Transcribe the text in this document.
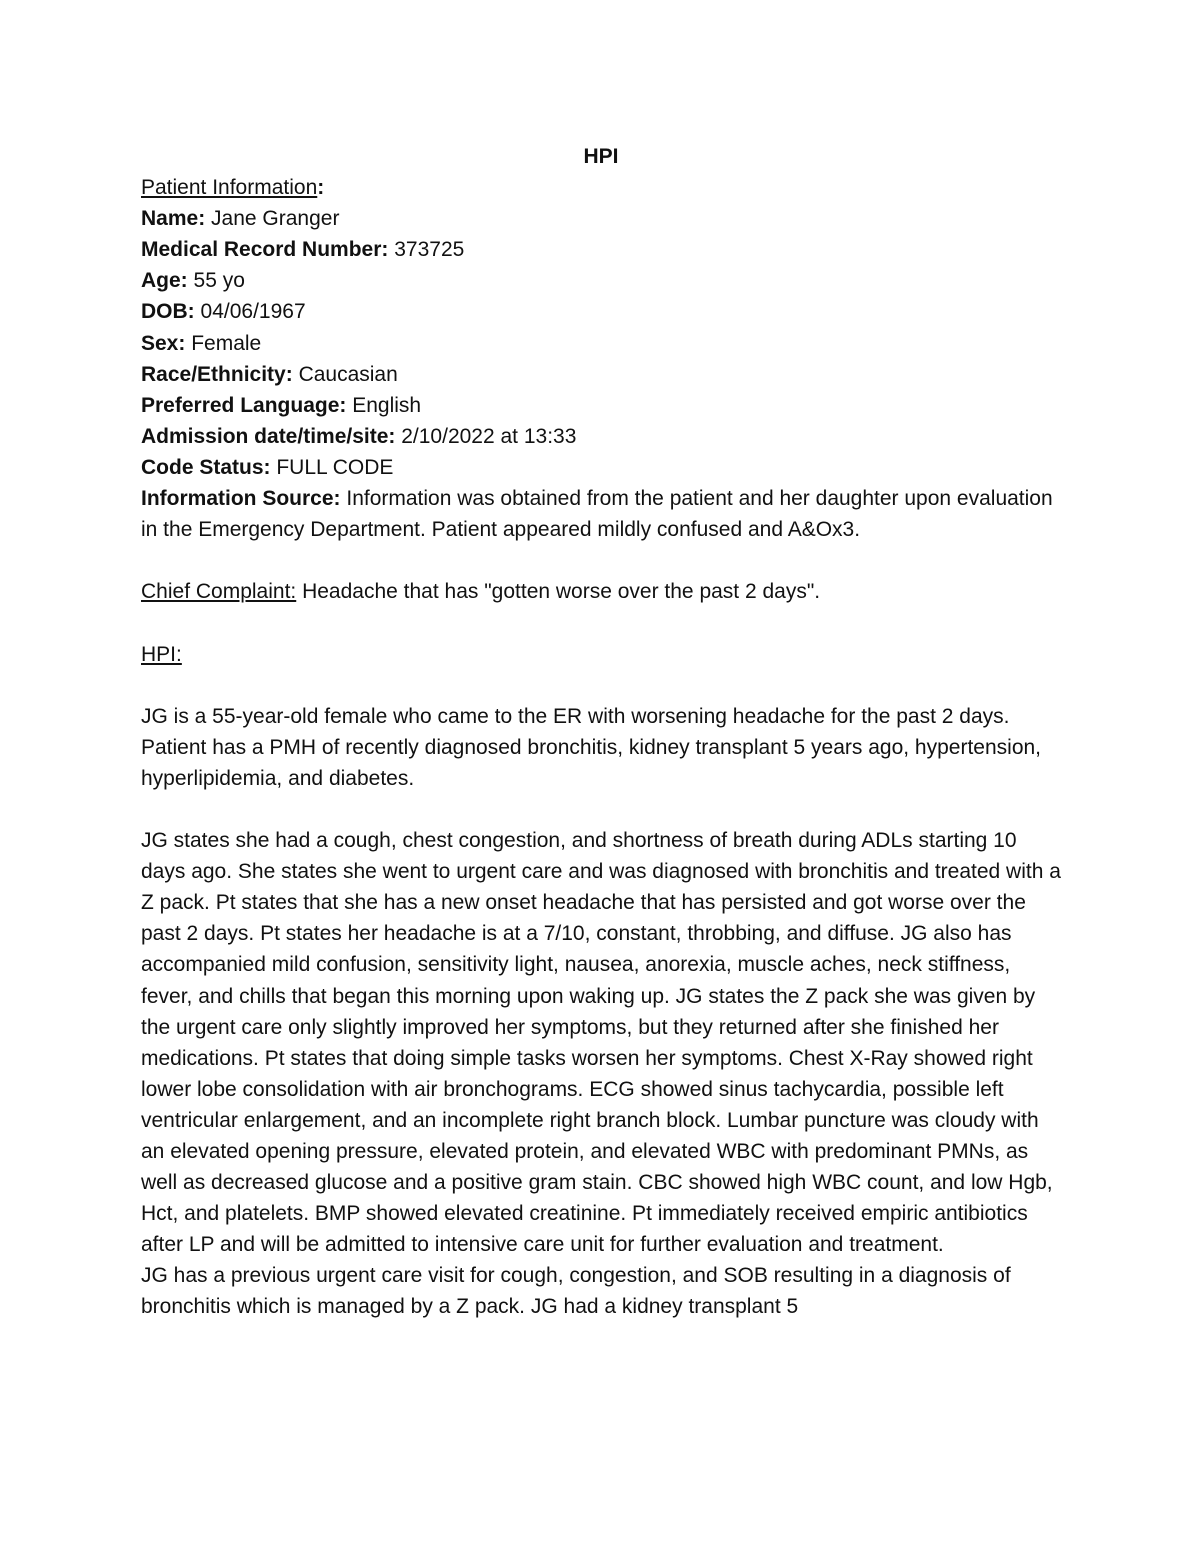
HPI

Patient Information:

Name: Jane Granger

Medical Record Number: 373725

Age: 55 yo

DOB: 04/06/1967

Sex: Female

Race/Ethnicity: Caucasian

Preferred Language: English

Admission date/time/site: 2/10/2022 at 13:33

Code Status: FULL CODE

Information Source: Information was obtained from the patient and her daughter upon evaluation in the Emergency Department. Patient appeared mildly confused and A&Ox3.

Chief Complaint: Headache that has "gotten worse over the past 2 days".

HPI:

JG is a 55-year-old female who came to the ER with worsening headache for the past 2 days. Patient has a PMH of recently diagnosed bronchitis, kidney transplant 5 years ago, hypertension, hyperlipidemia, and diabetes.

JG states she had a cough, chest congestion, and shortness of breath during ADLs starting 10 days ago. She states she went to urgent care and was diagnosed with bronchitis and treated with a Z pack. Pt states that she has a new onset headache that has persisted and got worse over the past 2 days. Pt states her headache is at a 7/10, constant, throbbing, and diffuse. JG also has accompanied mild confusion, sensitivity light, nausea, anorexia, muscle aches, neck stiffness, fever, and chills that began this morning upon waking up. JG states the Z pack she was given by the urgent care only slightly improved her symptoms, but they returned after she finished her medications. Pt states that doing simple tasks worsen her symptoms. Chest X-Ray showed right lower lobe consolidation with air bronchograms. ECG showed sinus tachycardia, possible left ventricular enlargement, and an incomplete right branch block. Lumbar puncture was cloudy with an elevated opening pressure, elevated protein, and elevated WBC with predominant PMNs, as well as decreased glucose and a positive gram stain. CBC showed high WBC count, and low Hgb, Hct, and platelets. BMP showed elevated creatinine. Pt immediately received empiric antibiotics after LP and will be admitted to intensive care unit for further evaluation and treatment.

JG has a previous urgent care visit for cough, congestion, and SOB resulting in a diagnosis of bronchitis which is managed by a Z pack. JG had a kidney transplant 5
